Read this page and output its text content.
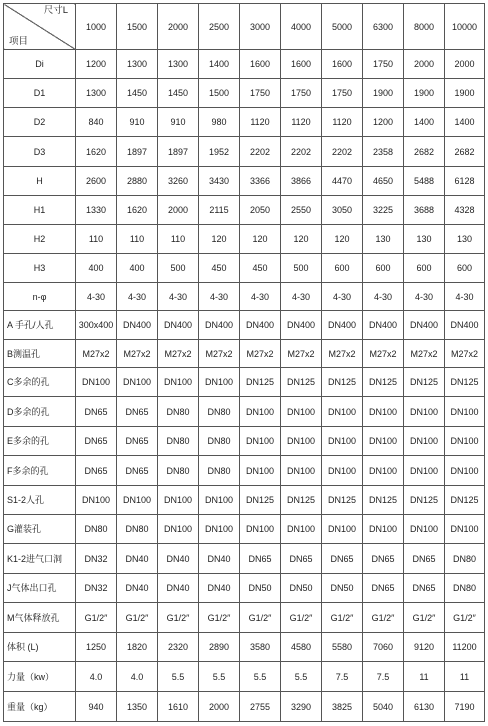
尺寸L
项目	1000	1500	2000	2500	3000	4000	5000	6300	8000	10000
Di	1200	1300	1300	1400	1600	1600	1600	1750	2000	2000
D1	1300	1450	1450	1500	1750	1750	1750	1900	1900	1900
D2	840	910	910	980	1120	1120	1120	1200	1400	1400
D3	1620	1897	1897	1952	2202	2202	2202	2358	2682	2682
H	2600	2880	3260	3430	3366	3866	4470	4650	5488	6128
H1	1330	1620	2000	2115	2050	2550	3050	3225	3688	4328
H2	110	110	110	120	120	120	120	130	130	130
H3	400	400	500	450	450	500	600	600	600	600
n-φ	4-30	4-30	4-30	4-30	4-30	4-30	4-30	4-30	4-30	4-30
A 手孔/人孔	300x400	DN400	DN400	DN400	DN400	DN400	DN400	DN400	DN400	DN400
B测温孔	M27x2	M27x2	M27x2	M27x2	M27x2	M27x2	M27x2	M27x2	M27x2	M27x2
C多余的孔	DN100	DN100	DN100	DN100	DN125	DN125	DN125	DN125	DN125	DN125
D多余的孔	DN65	DN65	DN80	DN80	DN100	DN100	DN100	DN100	DN100	DN100
E多余的孔	DN65	DN65	DN80	DN80	DN100	DN100	DN100	DN100	DN100	DN100
F多余的孔	DN65	DN65	DN80	DN80	DN100	DN100	DN100	DN100	DN100	DN100
S1-2人孔	DN100	DN100	DN100	DN100	DN125	DN125	DN125	DN125	DN125	DN125
G灌装孔	DN80	DN80	DN100	DN100	DN100	DN100	DN100	DN100	DN100	DN100
K1-2进气口洞	DN32	DN40	DN40	DN40	DN65	DN65	DN65	DN65	DN65	DN80
J气体出口孔	DN32	DN40	DN40	DN40	DN50	DN50	DN50	DN65	DN65	DN80
M气体释放孔	G1/2″	G1/2″	G1/2″	G1/2″	G1/2″	G1/2″	G1/2″	G1/2″	G1/2″	G1/2″
体积 (L)	1250	1820	2320	2890	3580	4580	5580	7060	9120	11200
力量（kw）	4.0	4.0	5.5	5.5	5.5	5.5	7.5	7.5	11	11
重量（kg）	940	1350	1610	2000	2755	3290	3825	5040	6130	7190
